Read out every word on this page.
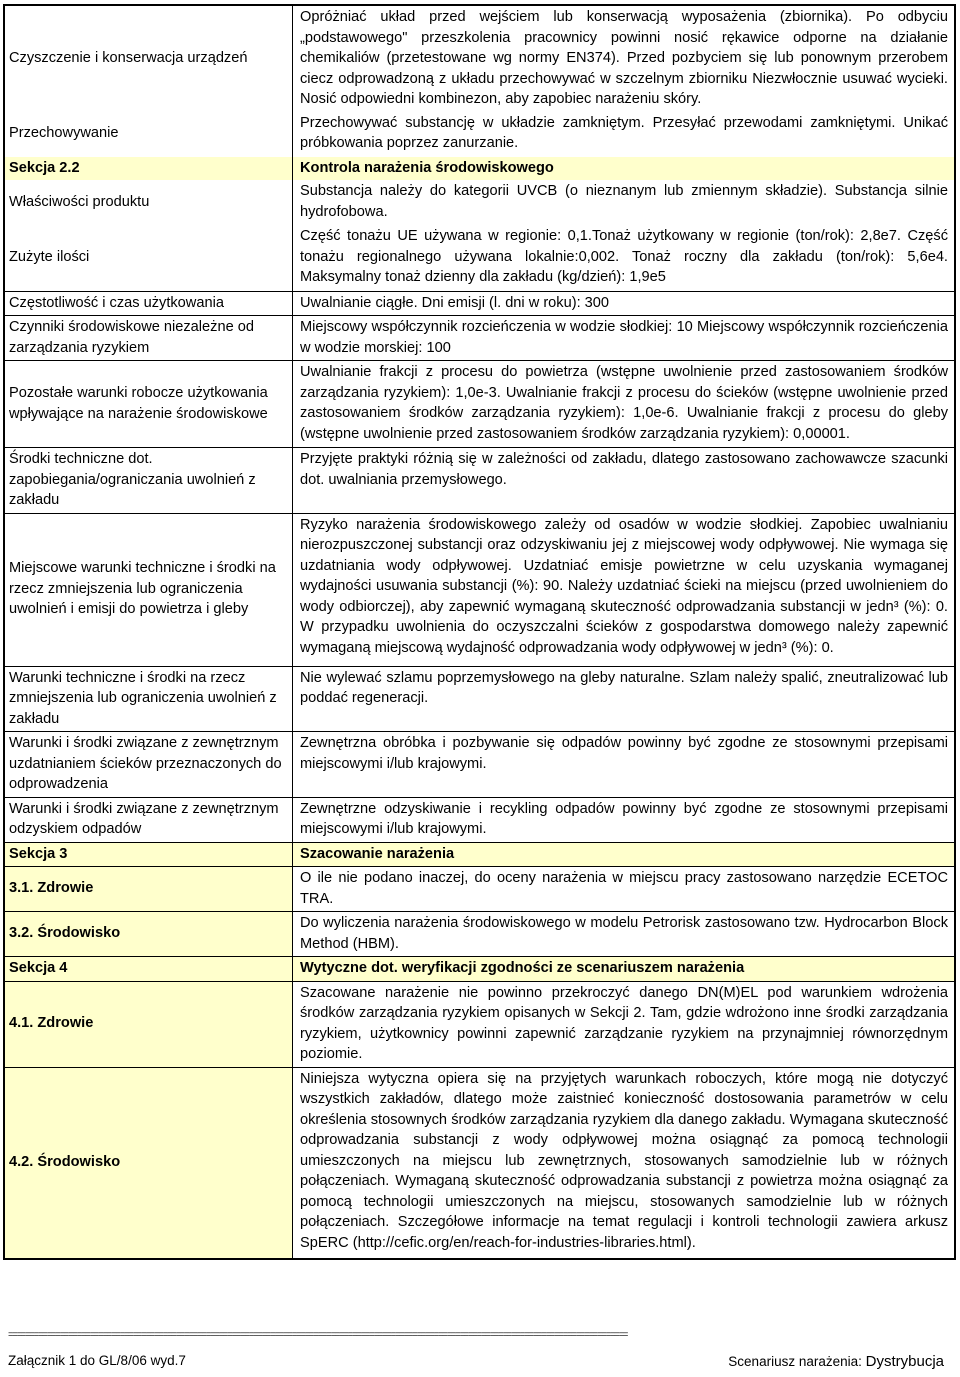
Czyszczenie i konserwacja urządzeń	Opróżniać układ przed wejściem lub konserwacją wyposażenia (zbiornika). Po odbyciu „podstawowego" przeszkolenia pracownicy powinni nosić rękawice odporne na działanie chemikaliów (przetestowane wg normy EN374). Przed pozbyciem się lub ponownym przerobem ciecz odprowadzoną z układu przechowywać w szczelnym zbiorniku Niezwłocznie usuwać wycieki. Nosić odpowiedni kombinezon, aby zapobiec narażeniu skóry.
Przechowywanie	Przechowywać substancję w układzie zamkniętym. Przesyłać przewodami zamkniętymi. Unikać próbkowania poprzez zanurzanie.
Sekcja 2.2	Kontrola narażenia środowiskowego
Właściwości produktu	Substancja należy do kategorii UVCB (o nieznanym lub zmiennym składzie). Substancja silnie hydrofobowa.
Zużyte ilości	Część tonażu UE używana w regionie: 0,1.Tonaż użytkowany w regionie (ton/rok): 2,8e7. Część tonażu regionalnego używana lokalnie:0,002. Tonaż roczny dla zakładu (ton/rok): 5,6e4. Maksymalny tonaż dzienny dla zakładu (kg/dzień): 1,9e5
Częstotliwość i czas użytkowania	Uwalnianie ciągłe. Dni emisji (l. dni w roku): 300
Czynniki środowiskowe niezależne od zarządzania ryzykiem	Miejscowy współczynnik rozcieńczenia w wodzie słodkiej: 10 Miejscowy współczynnik rozcieńczenia w wodzie morskiej: 100
Pozostałe warunki robocze użytkowania wpływające na narażenie środowiskowe	Uwalnianie frakcji z procesu do powietrza (wstępne uwolnienie przed zastosowaniem środków zarządzania ryzykiem): 1,0e-3. Uwalnianie frakcji z procesu do ścieków (wstępne uwolnienie przed zastosowaniem środków zarządzania ryzykiem): 1,0e-6. Uwalnianie frakcji z procesu do gleby (wstępne uwolnienie przed zastosowaniem środków zarządzania ryzykiem): 0,00001.
Środki techniczne dot. zapobiegania/ograniczania uwolnień z zakładu	Przyjęte praktyki różnią się w zależności od zakładu, dlatego zastosowano zachowawcze szacunki dot. uwalniania przemysłowego.
Miejscowe warunki techniczne i środki na rzecz zmniejszenia lub ograniczenia uwolnień i emisji do powietrza i gleby	Ryzyko narażenia środowiskowego zależy od osadów w wodzie słodkiej. Zapobiec uwalnianiu nierozpuszczonej substancji oraz odzyskiwaniu jej z miejscowej wody odpływowej. Nie wymaga się uzdatniania wody odpływowej. Uzdatniać emisje powietrzne w celu uzyskania wymaganej wydajności usuwania substancji (%): 90. Należy uzdatniać ścieki na miejscu (przed uwolnieniem do wody odbiorczej), aby zapewnić wymaganą skuteczność odprowadzania substancji w jedn³ (%): 0. W przypadku uwolnienia do oczyszczalni ścieków z gospodarstwa domowego należy zapewnić wymaganą miejscową wydajność odprowadzania wody odpływowej w jedn³ (%): 0.
Warunki techniczne i środki na rzecz zmniejszenia lub ograniczenia uwolnień z zakładu	Nie wylewać szlamu poprzemysłowego na gleby naturalne. Szlam należy spalić, zneutralizować lub poddać regeneracji.
Warunki i środki związane z zewnętrznym uzdatnianiem ścieków przeznaczonych do odprowadzenia	Zewnętrzna obróbka i pozbywanie się odpadów powinny być zgodne ze stosownymi przepisami miejscowymi i/lub krajowymi.
Warunki i środki związane z zewnętrznym odzyskiem odpadów	Zewnętrzne odzyskiwanie i recykling odpadów powinny być zgodne ze stosownymi przepisami miejscowymi i/lub krajowymi.
Sekcja 3	Szacowanie narażenia
3.1. Zdrowie	O ile nie podano inaczej, do oceny narażenia w miejscu pracy zastosowano narzędzie ECETOC TRA.
3.2. Środowisko	Do wyliczenia narażenia środowiskowego w modelu Petrorisk zastosowano tzw. Hydrocarbon Block Method (HBM).
Sekcja 4	Wytyczne dot. weryfikacji zgodności ze scenariuszem narażenia
4.1. Zdrowie	Szacowane narażenie nie powinno przekroczyć danego DN(M)EL pod warunkiem wdrożenia środków zarządzania ryzykiem opisanych w Sekcji 2. Tam, gdzie wdrożono inne środki zarządzania ryzykiem, użytkownicy powinni zapewnić zarządzanie ryzykiem na przynajmniej równorzędnym poziomie.
4.2. Środowisko	Niniejsza wytyczna opiera się na przyjętych warunkach roboczych, które mogą nie dotyczyć wszystkich zakładów, dlatego może zaistnieć konieczność dostosowania parametrów w celu określenia stosownych środków zarządzania ryzykiem dla danego zakładu. Wymagana skuteczność odprowadzania substancji z wody odpływowej można osiągnąć za pomocą technologii umieszczonych na miejscu lub zewnętrznych, stosowanych samodzielnie lub w różnych połączeniach. Wymaganą skuteczność odprowadzania substancji z powietrza można osiągnąć za pomocą technologii umieszczonych na miejscu, stosowanych samodzielnie lub w różnych połączeniach. Szczegółowe informacje na temat regulacji i kontroli technologii zawiera arkusz SpERC (http://cefic.org/en/reach-for-industries-libraries.html).
================================================================================================================================================
Załącznik 1 do GL/8/06 wyd.7	Scenariusz narażenia: Dystrybucja
